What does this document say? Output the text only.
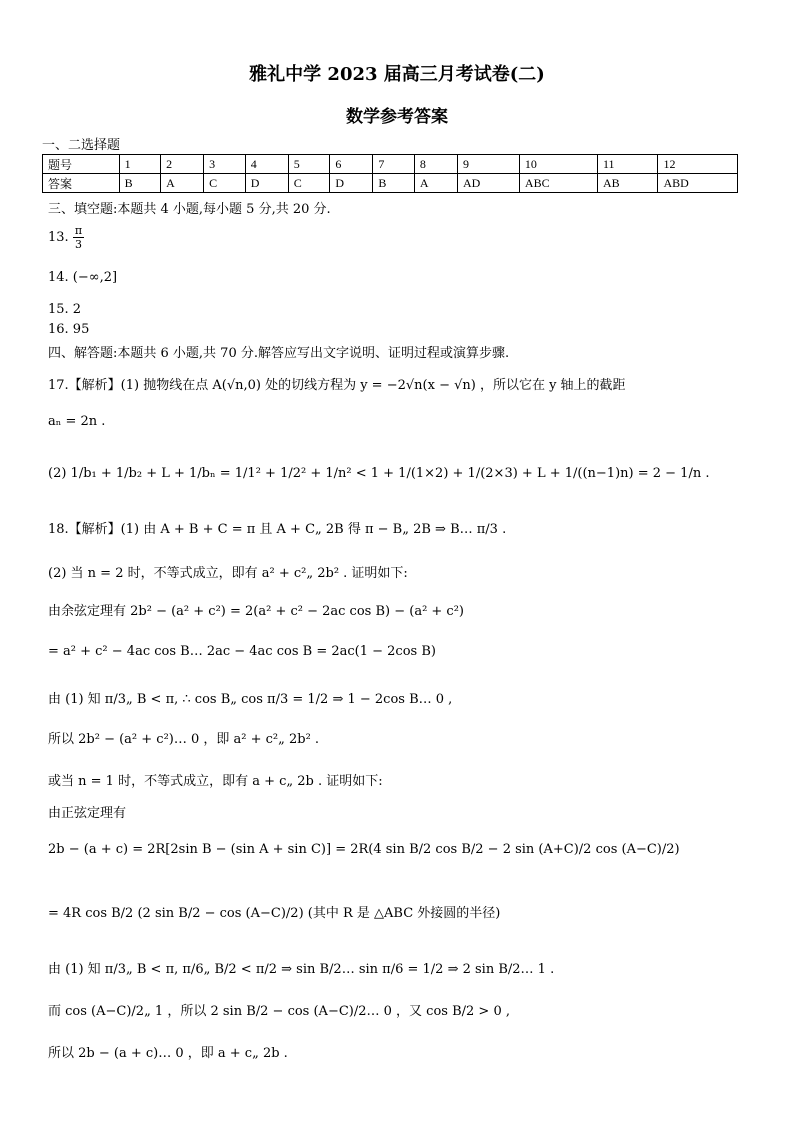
雅礼中学 2023 届高三月考试卷(二)
数学参考答案
一、二选择题
题号	1	2	3	4	5	6	7	8	9	10	11	12
答案	B	A	C	D	C	D	B	A	AD	ABC	AB	ABD
三、填空题:本题共 4 小题,每小题 5 分,共 20 分.
13. $\frac{\pi}{3}$
14. (−∞,2]
15. 2
16. 95
四、解答题:本题共 6 小题,共 70 分.解答应写出文字说明、证明过程或演算步骤.
17.【解析】(1) 抛物线在点 A(√n,0) 处的切线方程为 y = −2√n(x − √n) ，所以它在 y 轴上的截距
aₙ = 2n .
(2) 1/b₁ + 1/b₂ + L + 1/bₙ = 1/1² + 1/2² + 1/n² < 1 + 1/(1×2) + 1/(2×3) + L + 1/((n−1)n) = 2 − 1/n .
18.【解析】(1) 由 A + B + C = π 且 A + C„ 2B 得 π − B„ 2B ⇒ B… π/3 .
(2) 当 n = 2 时，不等式成立，即有 a² + c²„ 2b² . 证明如下:
由余弦定理有 2b² − (a² + c²) = 2(a² + c² − 2ac cos B) − (a² + c²)
= a² + c² − 4ac cos B… 2ac − 4ac cos B = 2ac(1 − 2cos B)
由 (1) 知 π/3„ B < π, ∴ cos B„ cos π/3 = 1/2 ⇒ 1 − 2cos B… 0 ,
所以 2b² − (a² + c²)… 0 ，即 a² + c²„ 2b² .
或当 n = 1 时，不等式成立，即有 a + c„ 2b . 证明如下:
由正弦定理有
2b − (a + c) = 2R[2sin B − (sin A + sin C)] = 2R(4 sin B/2 cos B/2 − 2 sin (A+C)/2 cos (A−C)/2)
= 4R cos B/2 (2 sin B/2 − cos (A−C)/2) (其中 R 是 △ABC 外接圆的半径)
由 (1) 知 π/3„ B < π, π/6„ B/2 < π/2 ⇒ sin B/2… sin π/6 = 1/2 ⇒ 2 sin B/2… 1 .
而 cos (A−C)/2„ 1 ，所以 2 sin B/2 − cos (A−C)/2… 0 ，又 cos B/2 > 0 ,
所以 2b − (a + c)… 0 ，即 a + c„ 2b .
